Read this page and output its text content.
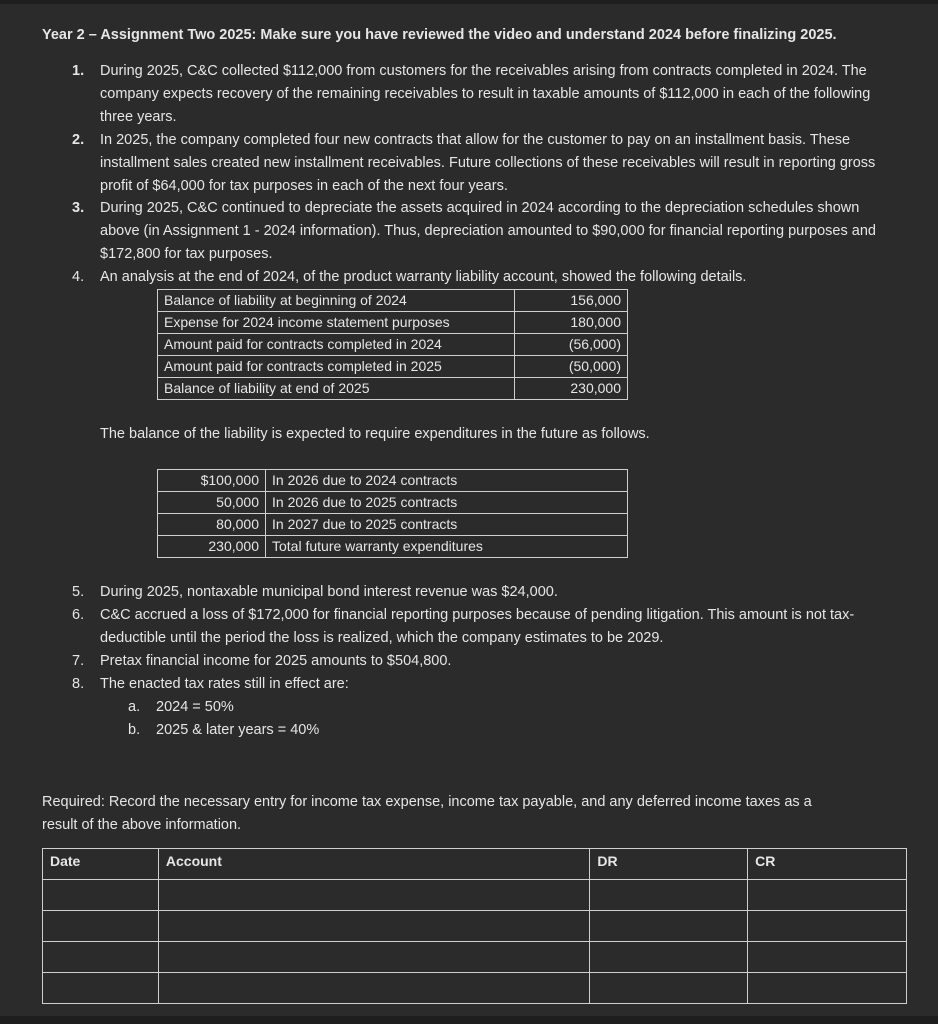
Year 2 – Assignment Two 2025: Make sure you have reviewed the video and understand 2024 before finalizing 2025.
1.	During 2025, C&C collected $112,000 from customers for the receivables arising from contracts completed in 2024. The company expects recovery of the remaining receivables to result in taxable amounts of $112,000 in each of the following three years.
2.	In 2025, the company completed four new contracts that allow for the customer to pay on an installment basis. These installment sales created new installment receivables. Future collections of these receivables will result in reporting gross profit of $64,000 for tax purposes in each of the next four years.
3.	During 2025, C&C continued to depreciate the assets acquired in 2024 according to the depreciation schedules shown above (in Assignment 1 - 2024 information). Thus, depreciation amounted to $90,000 for financial reporting purposes and $172,800 for tax purposes.
4.	An analysis at the end of 2024, of the product warranty liability account, showed the following details.
Balance of liability at beginning of 2024	156,000
Expense for 2024 income statement purposes	180,000
Amount paid for contracts completed in 2024	(56,000)
Amount paid for contracts completed in 2025	(50,000)
Balance of liability at end of 2025	230,000
The balance of the liability is expected to require expenditures in the future as follows.
$100,000	In 2026 due to 2024 contracts
50,000	In 2026 due to 2025 contracts
80,000	In 2027 due to 2025 contracts
230,000	Total future warranty expenditures
5.	During 2025, nontaxable municipal bond interest revenue was $24,000.
6.	C&C accrued a loss of $172,000 for financial reporting purposes because of pending litigation. This amount is not tax-deductible until the period the loss is realized, which the company estimates to be 2029.
7.	Pretax financial income for 2025 amounts to $504,800.
8.	The enacted tax rates still in effect are:
a. 2024 = 50%
b. 2025 & later years = 40%
Required: Record the necessary entry for income tax expense, income tax payable, and any deferred income taxes as a
result of the above information.
Date	Account	DR	CR
